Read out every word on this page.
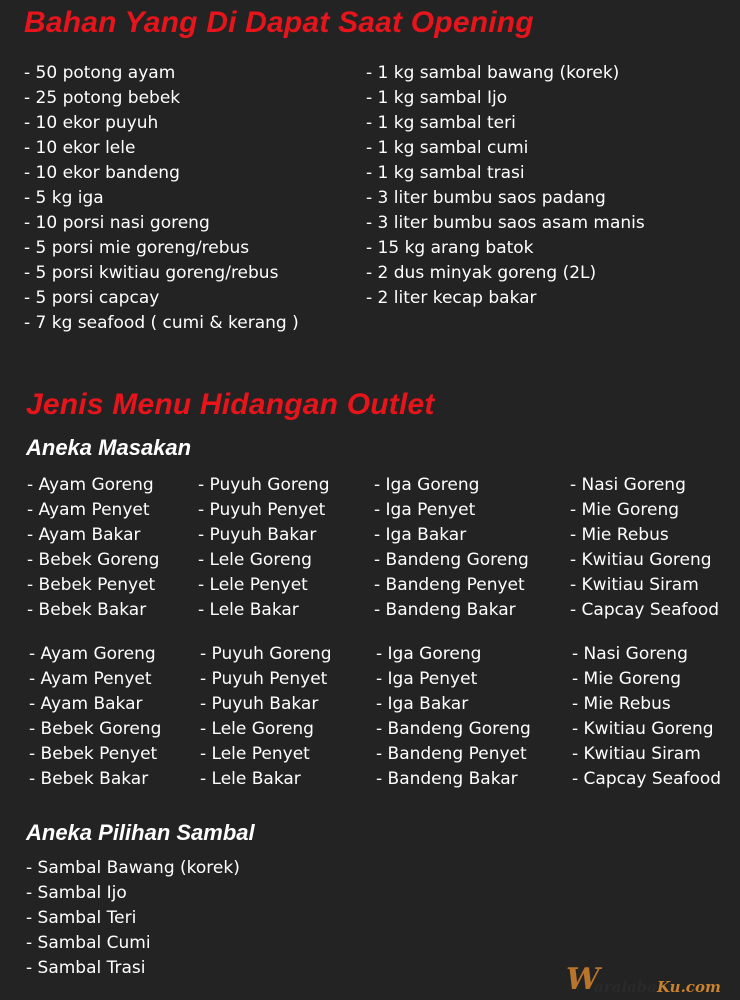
Bahan Yang Di Dapat Saat Opening
- 50 potong ayam
- 25 potong bebek
- 10 ekor puyuh
- 10 ekor lele
- 10 ekor bandeng
- 5 kg iga
- 10 porsi nasi goreng
- 5 porsi mie goreng/rebus
- 5 porsi kwitiau goreng/rebus
- 5 porsi capcay
- 7 kg seafood ( cumi & kerang )
- 1 kg sambal bawang (korek)
- 1 kg sambal Ijo
- 1 kg sambal teri
- 1 kg sambal cumi
- 1 kg sambal trasi
- 3 liter bumbu saos padang
- 3 liter bumbu saos asam manis
- 15 kg arang batok
- 2 dus minyak goreng (2L)
- 2 liter kecap bakar
Jenis Menu Hidangan Outlet
Aneka Masakan
- Ayam Goreng
- Ayam Penyet
- Ayam Bakar
- Bebek Goreng
- Bebek Penyet
- Bebek Bakar
- Puyuh Goreng
- Puyuh Penyet
- Puyuh Bakar
- Lele Goreng
- Lele Penyet
- Lele Bakar
- Iga Goreng
- Iga Penyet
- Iga Bakar
- Bandeng Goreng
- Bandeng Penyet
- Bandeng Bakar
- Nasi Goreng
- Mie Goreng
- Mie Rebus
- Kwitiau Goreng
- Kwitiau Siram
- Capcay Seafood
- Ayam Goreng
- Ayam Penyet
- Ayam Bakar
- Bebek Goreng
- Bebek Penyet
- Bebek Bakar
- Puyuh Goreng
- Puyuh Penyet
- Puyuh Bakar
- Lele Goreng
- Lele Penyet
- Lele Bakar
- Iga Goreng
- Iga Penyet
- Iga Bakar
- Bandeng Goreng
- Bandeng Penyet
- Bandeng Bakar
- Nasi Goreng
- Mie Goreng
- Mie Rebus
- Kwitiau Goreng
- Kwitiau Siram
- Capcay Seafood
Aneka Pilihan Sambal
- Sambal Bawang (korek)
- Sambal Ijo
- Sambal Teri
- Sambal Cumi
- Sambal Trasi	W
aralabaKu.com
